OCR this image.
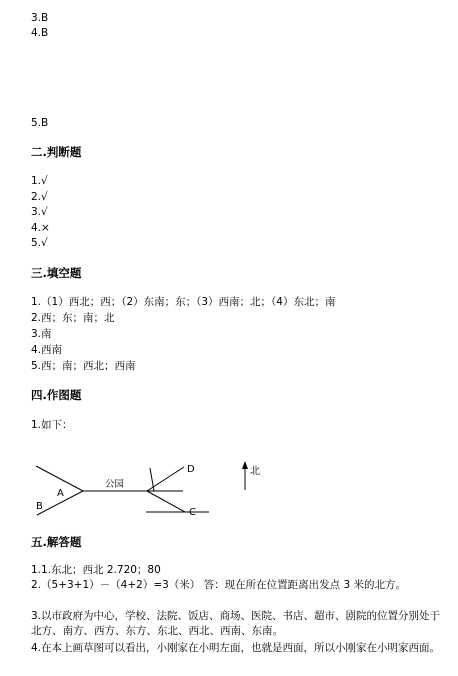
3.B
4.B
5.B
二.判断题
1.√
2.√
3.√
4.×
5.√
三.填空题
1.（1）西北；西；（2）东南；东；（3）西南；北；（4）东北；南
2.西；东；南；北
3.南
4.西南
5.西；南；西北；西南
四.作图题
1.如下：
公园
A
B
C
D	北
五.解答题
1.1.东北；西北 2.720；80
2.（5+3+1）－（4+2）=3（米） 答：现在所在位置距离出发点 3 米的北方。
3.以市政府为中心，学校、法院、饭店、商场、医院、书店、超市、剧院的位置分别处于北方、南方、西方、东方、东北、西北、西南、东南。
4.在本上画草图可以看出，小刚家在小明左面，也就是西面，所以小刚家在小明家西面。
